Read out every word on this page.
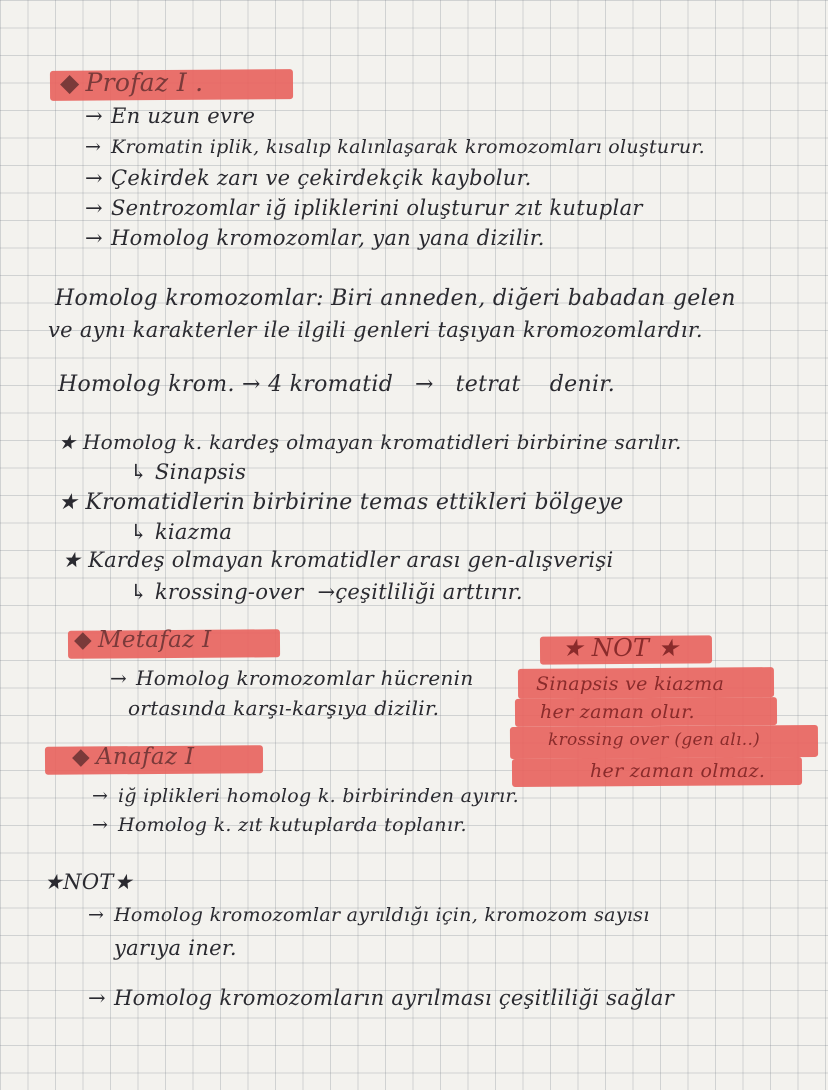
◆ Profaz I .
→ En uzun evre
→ Kromatin iplik, kısalıp kalınlaşarak kromozomları oluşturur.
→ Çekirdek zarı ve çekirdekçik kaybolur.
→ Sentrozomlar iğ ipliklerini oluşturur zıt kutuplar
→ Homolog kromozomlar, yan yana dizilir.
Homolog kromozomlar: Biri anneden, diğeri babadan gelen
ve aynı karakterler ile ilgili genleri taşıyan kromozomlardır.
Homolog krom. → 4 kromatid → tetrat denir.
★ Homolog k. kardeş olmayan kromatidleri birbirine sarılır.
↳ Sinapsis
★ Kromatidlerin birbirine temas ettikleri bölgeye
↳ kiazma
★ Kardeş olmayan kromatidler arası gen-alışverişi
↳ krossing-over →çeşitliliği arttırır.
◆ Metafaz I
→ Homolog kromozomlar hücrenin
ortasında karşı-karşıya dizilir.
★ NOT ★
Sinapsis ve kiazma
her zaman olur.
krossing over (gen alı..)
her zaman olmaz.
◆ Anafaz I
→ iğ iplikleri homolog k. birbirinden ayırır.
→ Homolog k. zıt kutuplarda toplanır.
★NOT★
→ Homolog kromozomlar ayrıldığı için, kromozom sayısı
yarıya iner.
→ Homolog kromozomların ayrılması çeşitliliği sağlar
